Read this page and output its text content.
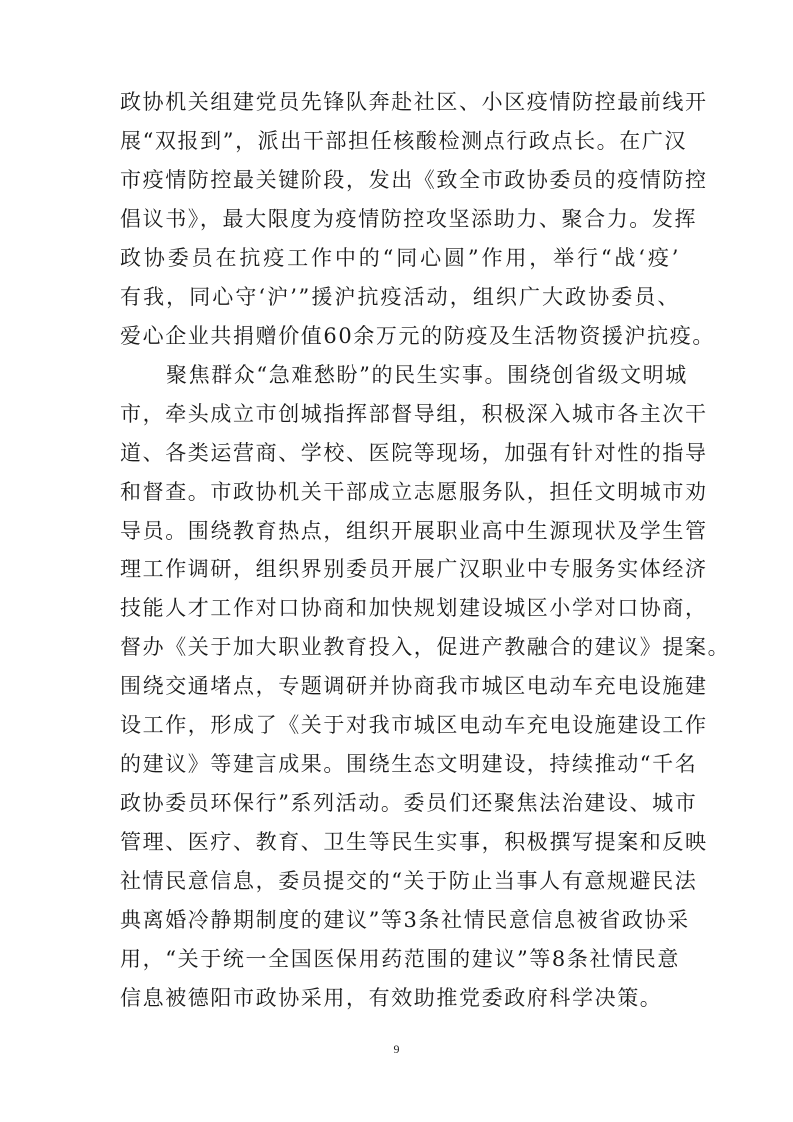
政协机关组建党员先锋队奔赴社区、小区疫情防控最前线开
展“双报到”，派出干部担任核酸检测点行政点长。在广汉
市疫情防控最关键阶段，发出《致全市政协委员的疫情防控
倡议书》，最大限度为疫情防控攻坚添助力、聚合力。发挥
政协委员在抗疫工作中的“同心圆”作用，举行“战‘疫’
有我，同心守‘沪’”援沪抗疫活动，组织广大政协委员、
爱心企业共捐赠价值60余万元的防疫及生活物资援沪抗疫。
聚焦群众“急难愁盼”的民生实事。围绕创省级文明城
市，牵头成立市创城指挥部督导组，积极深入城市各主次干
道、各类运营商、学校、医院等现场，加强有针对性的指导
和督查。市政协机关干部成立志愿服务队，担任文明城市劝
导员。围绕教育热点，组织开展职业高中生源现状及学生管
理工作调研，组织界别委员开展广汉职业中专服务实体经济
技能人才工作对口协商和加快规划建设城区小学对口协商，
督办《关于加大职业教育投入，促进产教融合的建议》提案。
围绕交通堵点，专题调研并协商我市城区电动车充电设施建
设工作，形成了《关于对我市城区电动车充电设施建设工作
的建议》等建言成果。围绕生态文明建设，持续推动“千名
政协委员环保行”系列活动。委员们还聚焦法治建设、城市
管理、医疗、教育、卫生等民生实事，积极撰写提案和反映
社情民意信息，委员提交的“关于防止当事人有意规避民法
典离婚冷静期制度的建议”等3条社情民意信息被省政协采
用，“关于统一全国医保用药范围的建议”等8条社情民意
信息被德阳市政协采用，有效助推党委政府科学决策。
9
